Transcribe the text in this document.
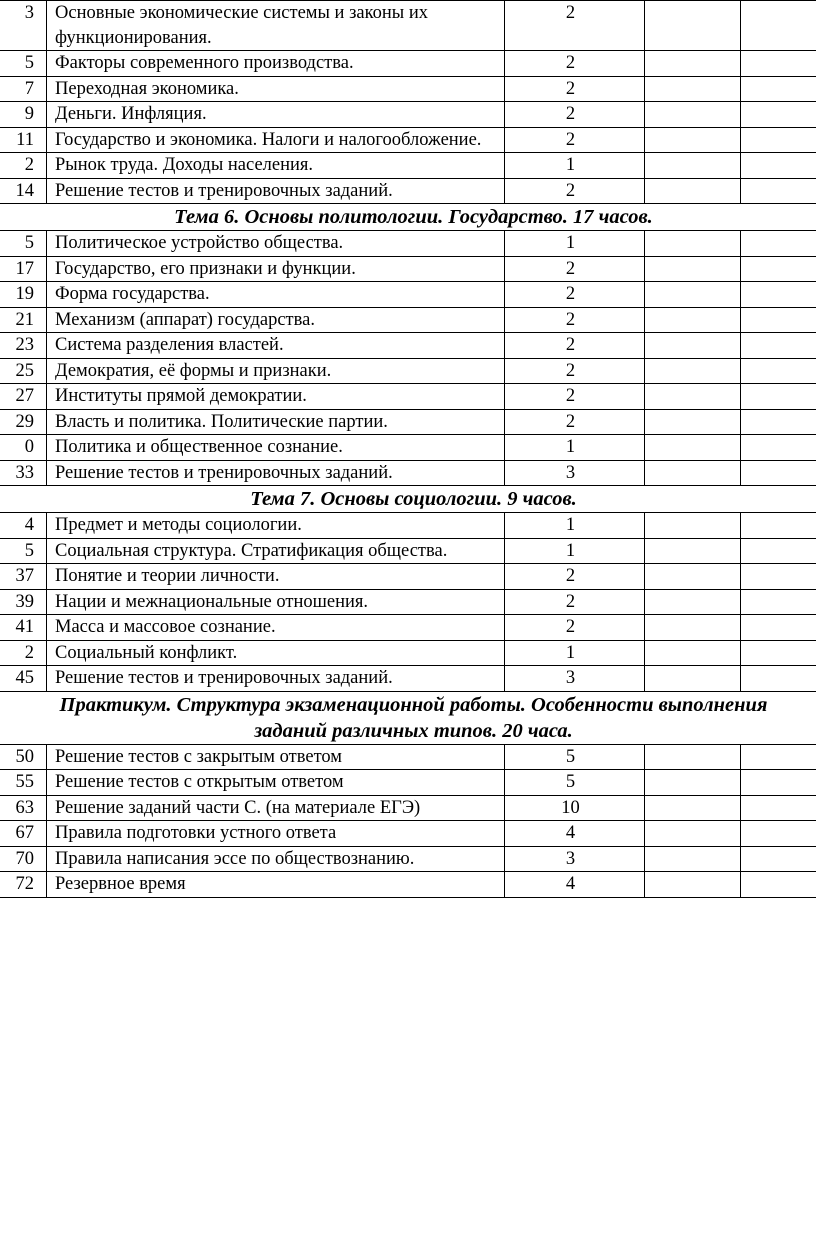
3	Основные экономические системы и законы их функционирования.	2		
5	Факторы современного производства.	2		
7	Переходная экономика.	2		
9	Деньги. Инфляция.	2		
11	Государство и экономика. Налоги и налогообложение.	2		
2	Рынок труда. Доходы населения.	1		
14	Решение тестов и тренировочных заданий.	2		
Тема 6. Основы политологии. Государство. 17 часов.				
5	Политическое устройство общества.	1		
17	Государство, его признаки и функции.	2		
19	Форма государства.	2		
21	Механизм (аппарат) государства.	2		
23	Система разделения властей.	2		
25	Демократия, её формы и признаки.	2		
27	Институты прямой демократии.	2		
29	Власть и политика. Политические партии.	2		
0	Политика и общественное сознание.	1		
33	Решение тестов и тренировочных заданий.	3		
Тема 7. Основы социологии. 9 часов.				
4	Предмет и методы социологии.	1		
5	Социальная структура. Стратификация общества.	1		
37	Понятие и теории личности.	2		
39	Нации и межнациональные отношения.	2		
41	Масса и массовое сознание.	2		
2	Социальный конфликт.	1		
45	Решение тестов и тренировочных заданий.	3		
Практикум. Структура экзаменационной работы. Особенности выполнения заданий различных типов. 20 часа.				
50	Решение тестов с закрытым ответом	5		
55	Решение тестов с открытым ответом	5		
63	Решение заданий части С. (на материале ЕГЭ)	10		
67	Правила подготовки устного ответа	4		
70	Правила написания эссе по обществознанию.	3		
72	Резервное время	4		
